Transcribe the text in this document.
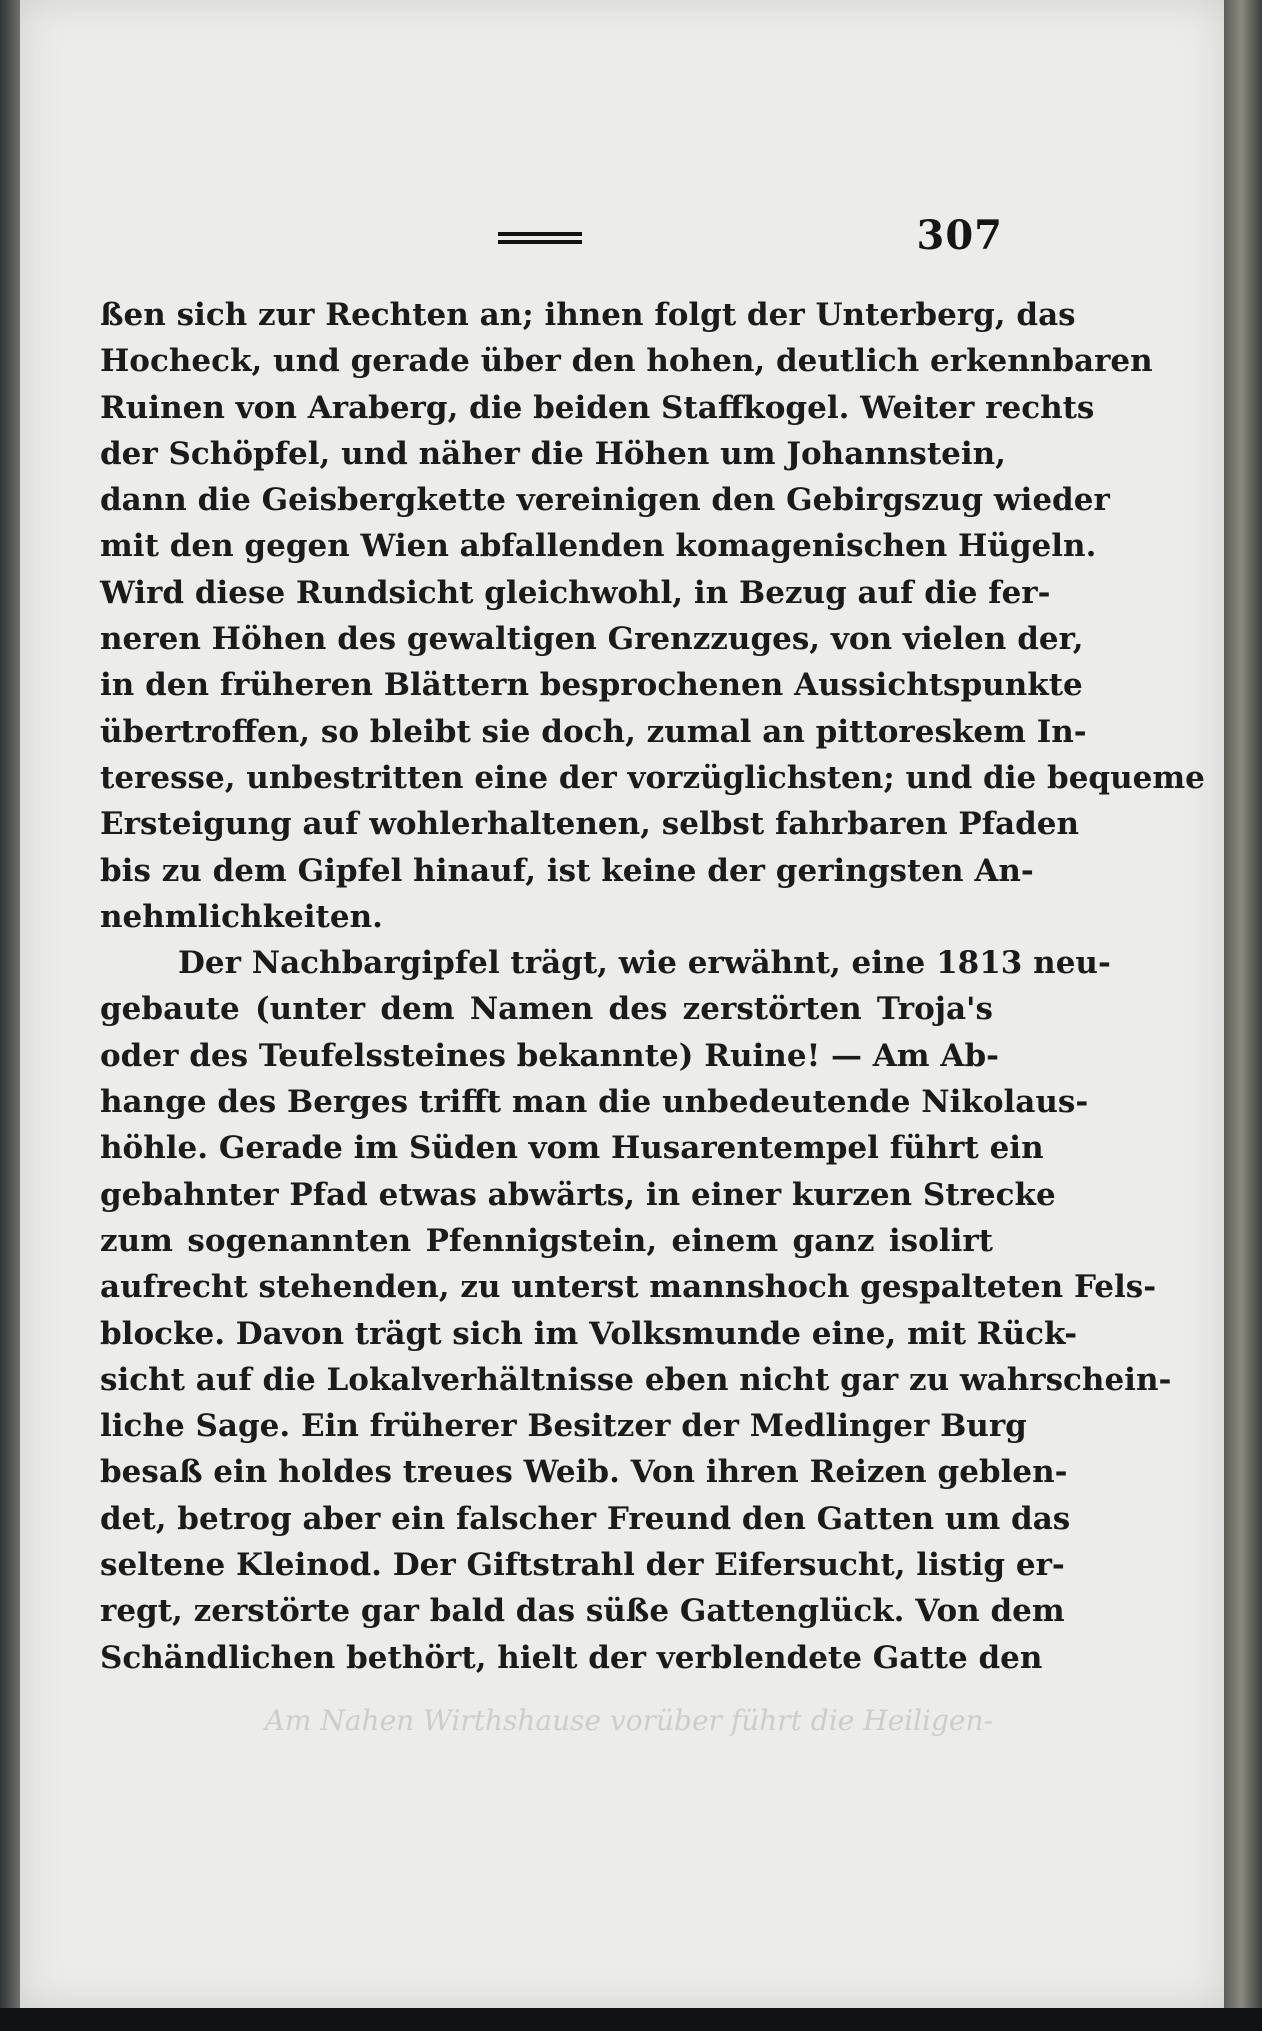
307
ßen sich zur Rechten an; ihnen folgt der Unterberg, das
Hocheck, und gerade über den hohen, deutlich erkennbaren
Ruinen von Araberg, die beiden Staffkogel. Weiter rechts
der Schöpfel, und näher die Höhen um Johannstein,
dann die Geisbergkette vereinigen den Gebirgszug wieder
mit den gegen Wien abfallenden komagenischen Hügeln.
Wird diese Rundsicht gleichwohl, in Bezug auf die fer-
neren Höhen des gewaltigen Grenzzuges, von vielen der,
in den früheren Blättern besprochenen Aussichtspunkte
übertroffen, so bleibt sie doch, zumal an pittoreskem In-
teresse, unbestritten eine der vorzüglichsten; und die bequeme
Ersteigung auf wohlerhaltenen, selbst fahrbaren Pfaden
bis zu dem Gipfel hinauf, ist keine der geringsten An-
nehmlichkeiten.
Der Nachbargipfel trägt, wie erwähnt, eine 1813 neu-
gebaute (unter dem Namen des zerstörten Troja's
oder des Teufelssteines bekannte) Ruine! — Am Ab-
hange des Berges trifft man die unbedeutende Nikolaus-
höhle. Gerade im Süden vom Husarentempel führt ein
gebahnter Pfad etwas abwärts, in einer kurzen Strecke
zum sogenannten Pfennigstein, einem ganz isolirt
aufrecht stehenden, zu unterst mannshoch gespalteten Fels-
blocke. Davon trägt sich im Volksmunde eine, mit Rück-
sicht auf die Lokalverhältnisse eben nicht gar zu wahrschein-
liche Sage. Ein früherer Besitzer der Medlinger Burg
besaß ein holdes treues Weib. Von ihren Reizen geblen-
det, betrog aber ein falscher Freund den Gatten um das
seltene Kleinod. Der Giftstrahl der Eifersucht, listig er-
regt, zerstörte gar bald das süße Gattenglück. Von dem
Schändlichen bethört, hielt der verblendete Gatte den
Am Nahen Wirthshause vorüber führt die Heiligen-
